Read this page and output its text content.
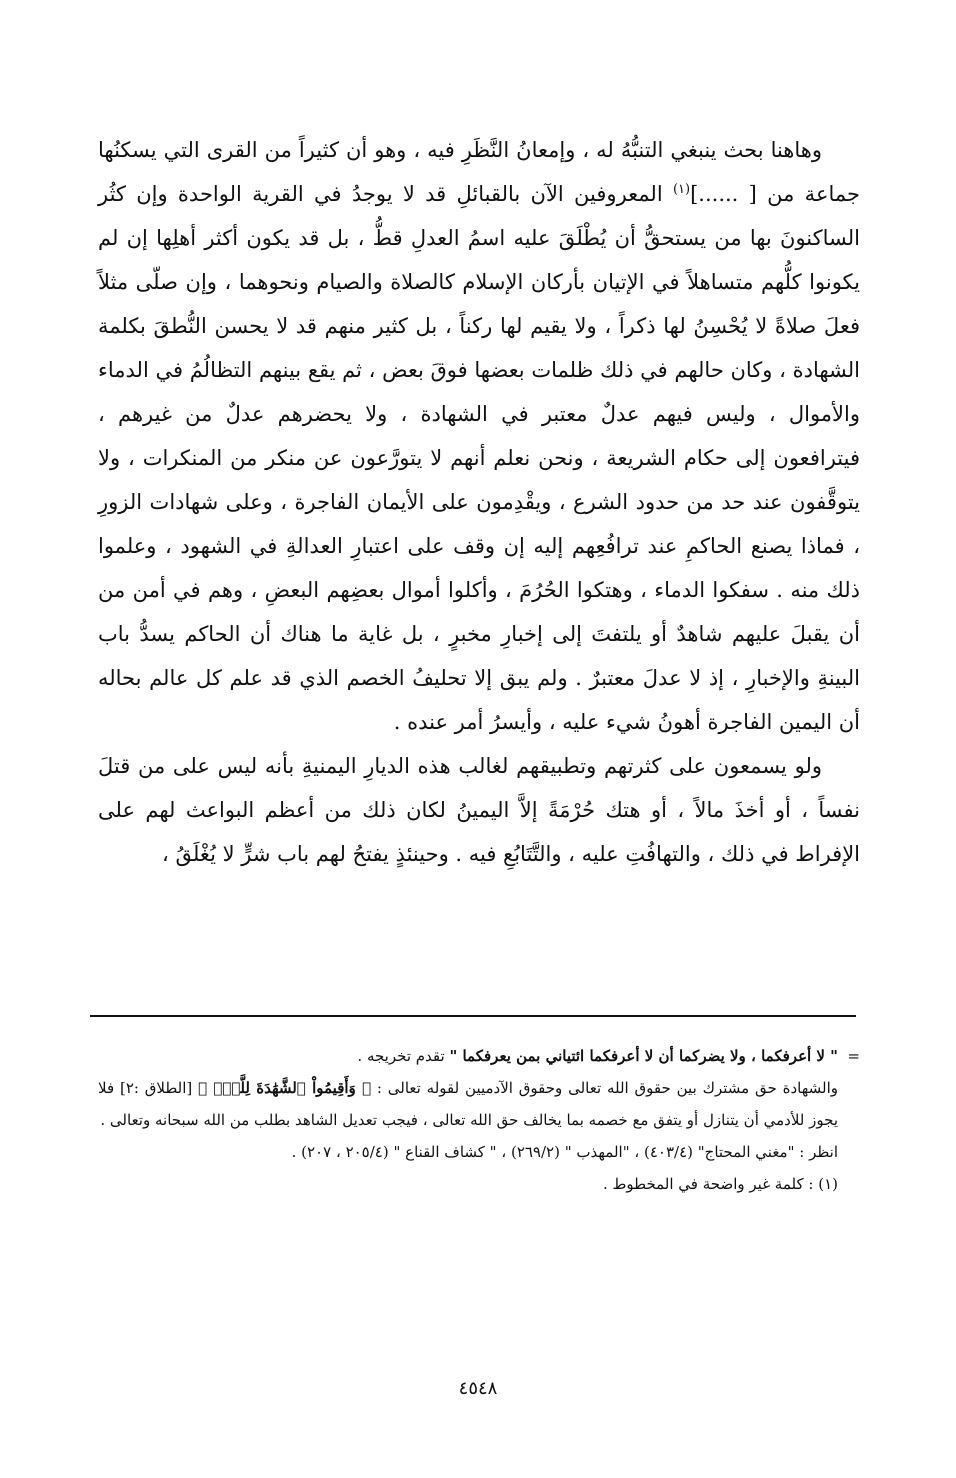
وهاهنا بحث ينبغي التنبُّهُ له ، وإمعانُ النَّظَرِ فيه ، وهو أن كثيراً من القرى التي يسكنُها جماعة من [ ......]$^{(١)}$ المعروفين الآن بالقبائلِ قد لا يوجدُ في القرية الواحدة وإن كثُر الساكنونَ بها من يستحقُّ أن يُطْلَقَ عليه اسمُ العدلِ قطُّ ، بل قد يكون أكثر أهلِها إن لم يكونوا كلُّهم متساهلاً في الإتيان بأركان الإسلام كالصلاة والصيام ونحوهما ، وإن صلّى مثلاً فعلَ صلاةً لا يُحْسِنُ لها ذكراً ، ولا يقيم لها ركناً ، بل كثير منهم قد لا يحسن النُّطقَ بكلمة الشهادة ، وكان حالهم في ذلك ظلمات بعضها فوقَ بعض ، ثم يقع بينهم التظالُمُ في الدماء والأموال ، وليس فيهم عدلٌ معتبر في الشهادة ، ولا يحضرهم عدلٌ من غيرهم ، فيترافعون إلى حكام الشريعة ، ونحن نعلم أنهم لا يتورَّعون عن منكر من المنكرات ، ولا يتوقَّفون عند حد من حدود الشرع ، ويقْدِمون على الأيمان الفاجرة ، وعلى شهادات الزورِ ، فماذا يصنع الحاكمِ عند ترافُعِهم إليه إن وقف على اعتبارِ العدالةِ في الشهود ، وعلموا ذلك منه . سفكوا الدماء ، وهتكوا الحُرُمَ ، وأكلوا أموال بعضِهم البعضِ ، وهم في أمن من أن يقبلَ عليهم شاهدٌ أو يلتفتَ إلى إخبارِ مخبرٍ ، بل غاية ما هناك أن الحاكم يسدُّ باب البينةِ والإخبارِ ، إذ لا عدلَ معتبرٌ . ولم يبق إلا تحليفُ الخصم الذي قد علم كل عالم بحاله أن اليمين الفاجرة أهونُ شيء عليه ، وأيسرُ أمر عنده .

ولو يسمعون على كثرتهم وتطبيقهم لغالب هذه الديارِ اليمنيةِ بأنه ليس على من قتلَ نفساً ، أو أخذَ مالاً ، أو هتك حُرْمَةً إلاَّ اليمينُ لكان ذلك من أعظم البواعث لهم على الإفراط في ذلك ، والتهافُتِ عليه ، والتَّتَابُعِ فيه . وحينئذٍ يفتحُ لهم باب شرٍّ لا يُغْلَقُ ،

=" لا أعرفكما ، ولا يضركما أن لا أعرفكما ائتياني بمن يعرفكما " تقدم تخريجه .

والشهادة حق مشترك بين حقوق الله تعالى وحقوق الآدميين لقوله تعالى : ﴿ وَأَقِيمُواْ ٱلشَّهَٰدَةَ لِلَّهِۚ ﴾ [الطلاق :٢] فلا يجوز للأدمي أن يتنازل أو يتفق مع خصمه بما يخالف حق الله تعالى ، فيجب تعديل الشاهد بطلب من الله سبحانه وتعالى .

انظر : "مغني المحتاج" (٤٠٣/٤) ، "المهذب " (٢٦٩/٢) ، " كشاف القناع " (٢٠٥/٤ ، ٢٠٧) .

(١) : كلمة غير واضحة في المخطوط .

٤٥٤٨
